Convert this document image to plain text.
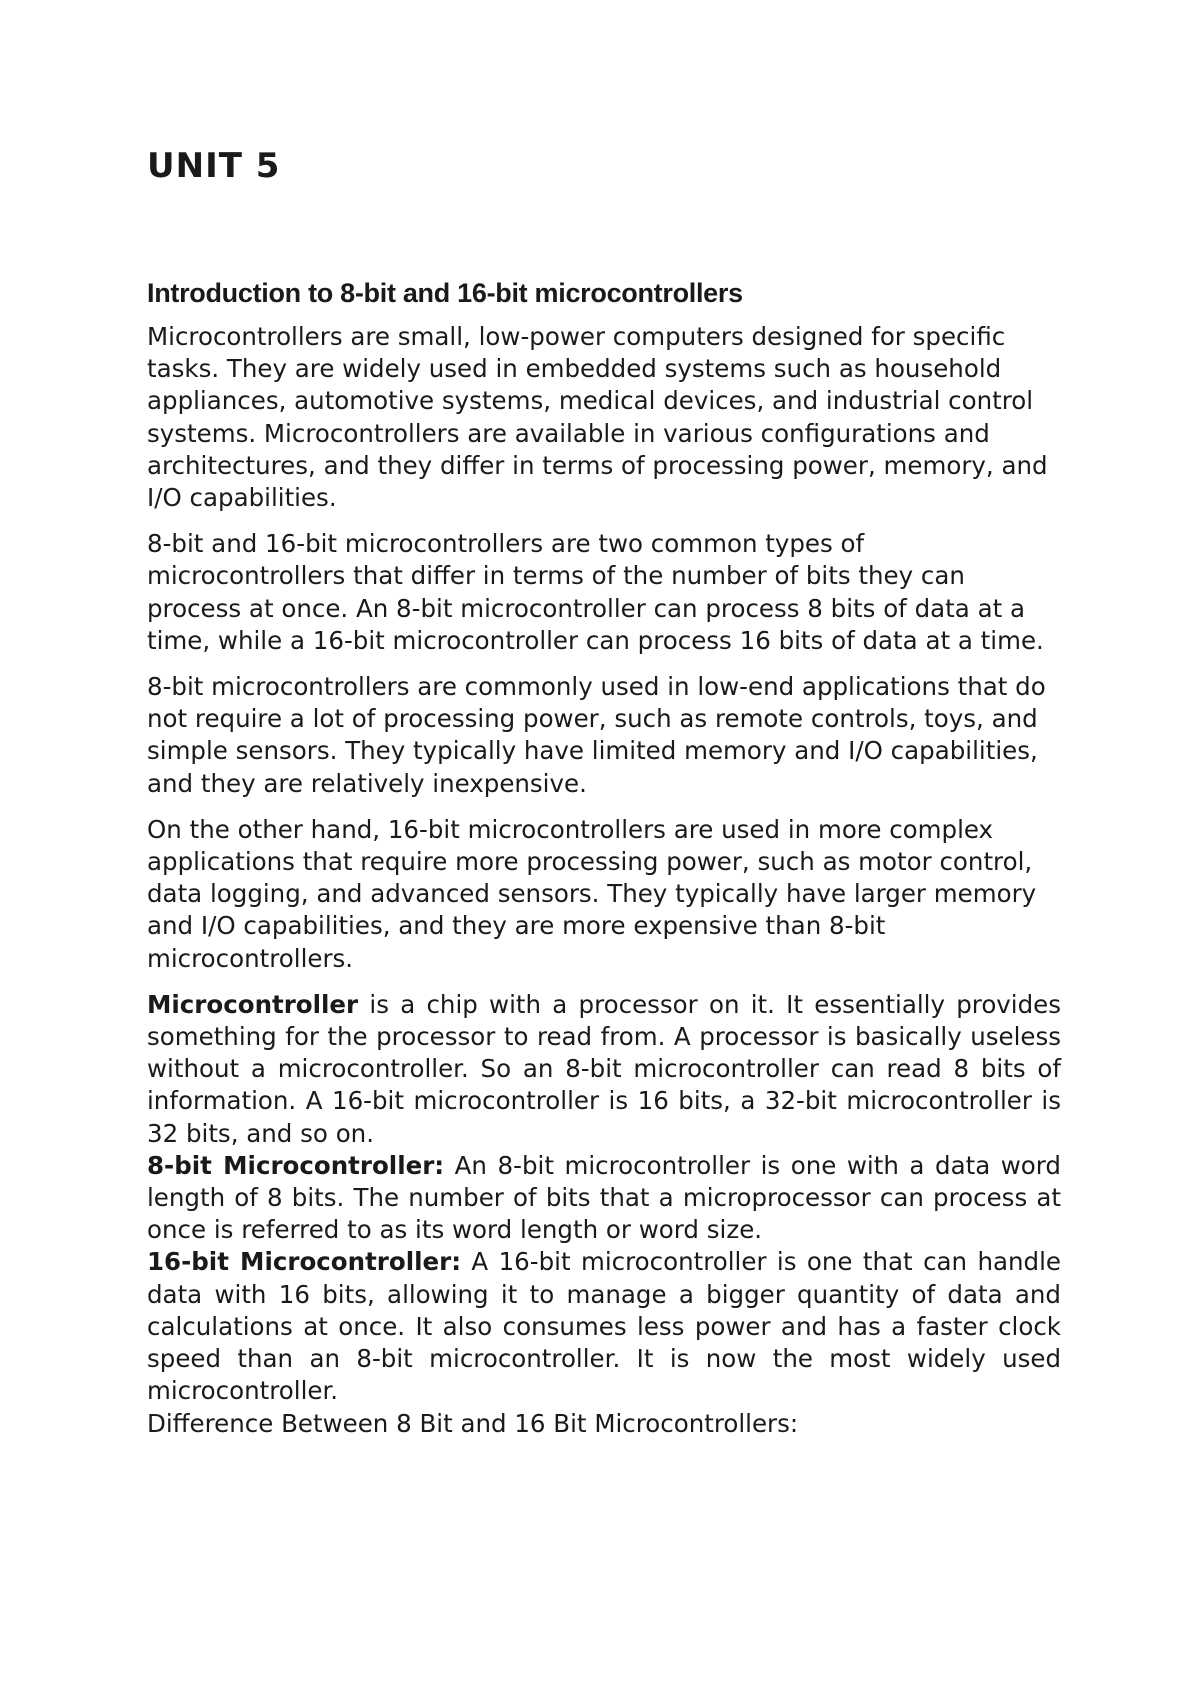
UNIT 5
Introduction to 8-bit and 16-bit microcontrollers

Microcontrollers are small, low-power computers designed for specific tasks. They are widely used in embedded systems such as household appliances, automotive systems, medical devices, and industrial control systems. Microcontrollers are available in various configurations and architectures, and they differ in terms of processing power, memory, and I/O capabilities.

8-bit and 16-bit microcontrollers are two common types of microcontrollers that differ in terms of the number of bits they can process at once. An 8-bit microcontroller can process 8 bits of data at a time, while a 16-bit microcontroller can process 16 bits of data at a time.

8-bit microcontrollers are commonly used in low-end applications that do not require a lot of processing power, such as remote controls, toys, and simple sensors. They typically have limited memory and I/O capabilities, and they are relatively inexpensive.

On the other hand, 16-bit microcontrollers are used in more complex applications that require more processing power, such as motor control, data logging, and advanced sensors. They typically have larger memory and I/O capabilities, and they are more expensive than 8-bit microcontrollers.

Microcontroller is a chip with a processor on it. It essentially provides something for the processor to read from. A processor is basically useless without a microcontroller. So an 8-bit microcontroller can read 8 bits of information. A 16-bit microcontroller is 16 bits, a 32-bit microcontroller is 32 bits, and so on.

8-bit Microcontroller: An 8-bit microcontroller is one with a data word length of 8 bits. The number of bits that a microprocessor can process at once is referred to as its word length or word size.

16-bit Microcontroller: A 16-bit microcontroller is one that can handle data with 16 bits, allowing it to manage a bigger quantity of data and calculations at once. It also consumes less power and has a faster clock speed than an 8-bit microcontroller. It is now the most widely used microcontroller.

Difference Between 8 Bit and 16 Bit Microcontrollers:
